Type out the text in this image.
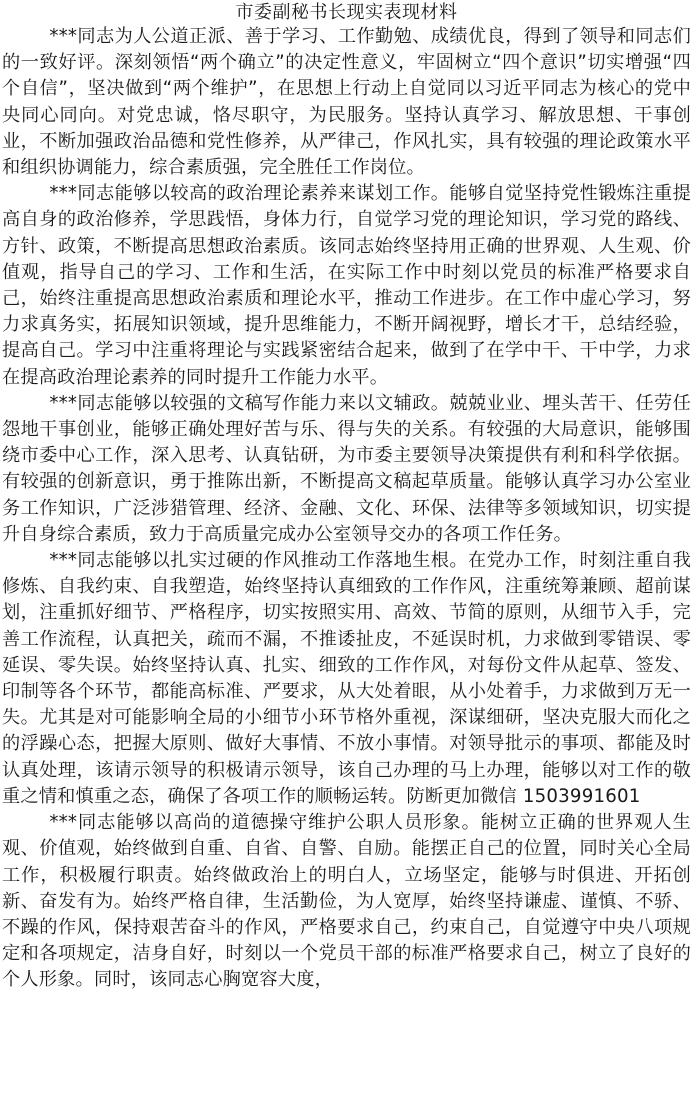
市委副秘书长现实表现材料

***同志为人公道正派、善于学习、工作勤勉、成绩优良，得到了领导和同志们的一致好评。深刻领悟“两个确立”的决定性意义，牢固树立“四个意识”切实增强“四个自信”，坚决做到“两个维护”，在思想上行动上自觉同以习近平同志为核心的党中央同心同向。对党忠诚，恪尽职守，为民服务。坚持认真学习、解放思想、干事创业，不断加强政治品德和党性修养，从严律己，作风扎实，具有较强的理论政策水平和组织协调能力，综合素质强，完全胜任工作岗位。

***同志能够以较高的政治理论素养来谋划工作。能够自觉坚持党性锻炼注重提高自身的政治修养，学思践悟，身体力行，自觉学习党的理论知识，学习党的路线、方针、政策，不断提高思想政治素质。该同志始终坚持用正确的世界观、人生观、价值观，指导自己的学习、工作和生活，在实际工作中时刻以党员的标准严格要求自己，始终注重提高思想政治素质和理论水平，推动工作进步。在工作中虚心学习，努力求真务实，拓展知识领域，提升思维能力，不断开阔视野，增长才干，总结经验，提高自己。学习中注重将理论与实践紧密结合起来，做到了在学中干、干中学，力求在提高政治理论素养的同时提升工作能力水平。

***同志能够以较强的文稿写作能力来以文辅政。兢兢业业、埋头苦干、任劳任怨地干事创业，能够正确处理好苦与乐、得与失的关系。有较强的大局意识，能够围绕市委中心工作，深入思考、认真钻研，为市委主要领导决策提供有利和科学依据。有较强的创新意识，勇于推陈出新，不断提高文稿起草质量。能够认真学习办公室业务工作知识，广泛涉猎管理、经济、金融、文化、环保、法律等多领域知识，切实提升自身综合素质，致力于高质量完成办公室领导交办的各项工作任务。

***同志能够以扎实过硬的作风推动工作落地生根。在党办工作，时刻注重自我修炼、自我约束、自我塑造，始终坚持认真细致的工作作风，注重统筹兼顾、超前谋划，注重抓好细节、严格程序，切实按照实用、高效、节简的原则，从细节入手，完善工作流程，认真把关，疏而不漏，不推诿扯皮，不延误时机，力求做到零错误、零延误、零失误。始终坚持认真、扎实、细致的工作作风，对每份文件从起草、签发、印制等各个环节，都能高标准、严要求，从大处着眼，从小处着手，力求做到万无一失。尤其是对可能影响全局的小细节小环节格外重视，深谋细研，坚决克服大而化之的浮躁心态，把握大原则、做好大事情、不放小事情。对领导批示的事项、都能及时认真处理，该请示领导的积极请示领导，该自己办理的马上办理，能够以对工作的敬重之情和慎重之态，确保了各项工作的顺畅运转。防断更加微信 1503991601

***同志能够以高尚的道德操守维护公职人员形象。能树立正确的世界观人生观、价值观，始终做到自重、自省、自警、自励。能摆正自己的位置，同时关心全局工作，积极履行职责。始终做政治上的明白人，立场坚定，能够与时俱进、开拓创新、奋发有为。始终严格自律，生活勤俭，为人宽厚，始终坚持谦虚、谨慎、不骄、不躁的作风，保持艰苦奋斗的作风，严格要求自己，约束自己，自觉遵守中央八项规定和各项规定，洁身自好，时刻以一个党员干部的标准严格要求自己，树立了良好的个人形象。同时，该同志心胸宽容大度，
